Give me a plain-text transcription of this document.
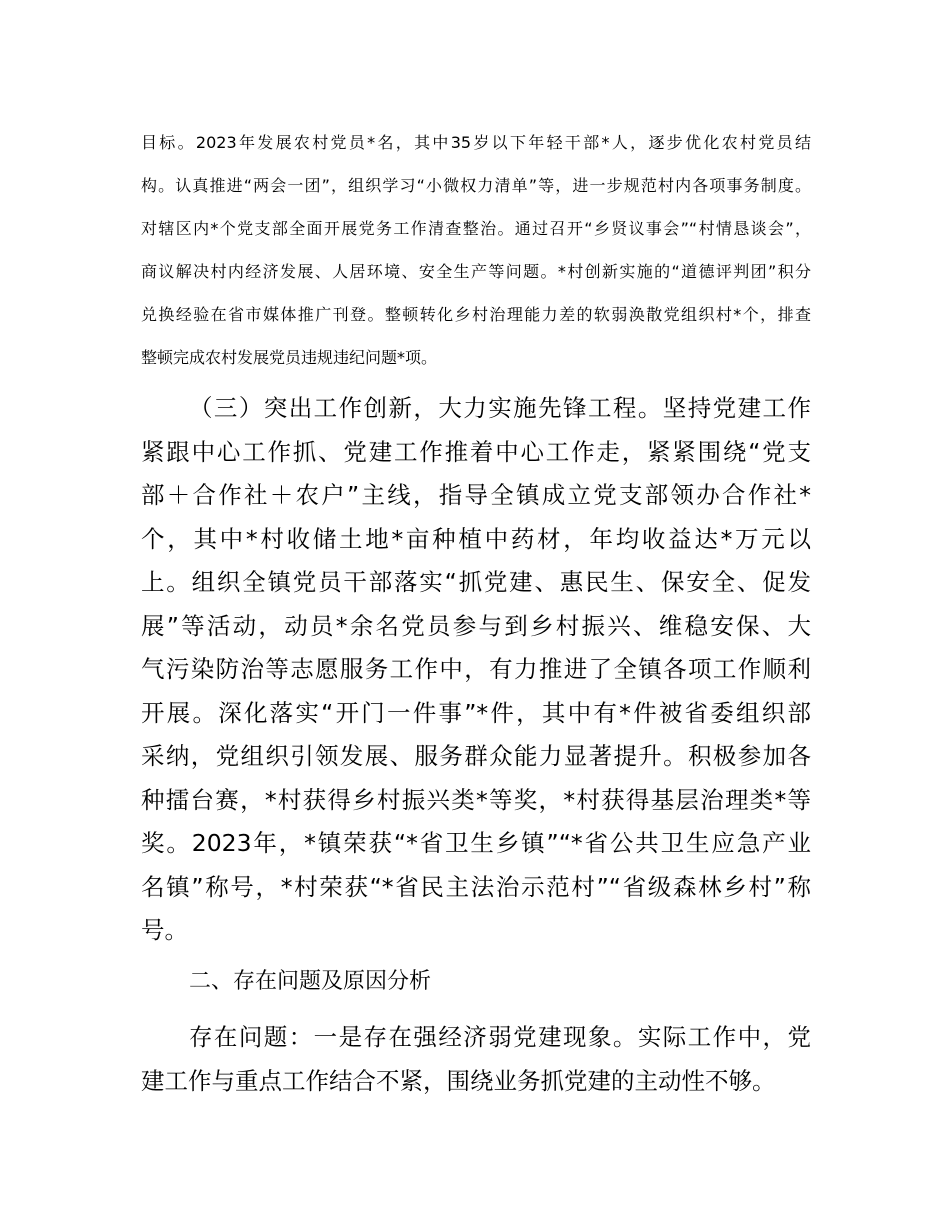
目标。2023年发展农村党员*名，其中35岁以下年轻干部*人，逐步优化农村党员结
构。认真推进“两会一团”，组织学习“小微权力清单”等，进一步规范村内各项事务制度。
对辖区内*个党支部全面开展党务工作清查整治。通过召开“乡贤议事会”“村情恳谈会”，
商议解决村内经济发展、人居环境、安全生产等问题。*村创新实施的“道德评判团”积分
兑换经验在省市媒体推广刊登。整顿转化乡村治理能力差的软弱涣散党组织村*个，排查
整顿完成农村发展党员违规违纪问题*项。
（三）突出工作创新，大力实施先锋工程。坚持党建工作
紧跟中心工作抓、党建工作推着中心工作走，紧紧围绕“党支
部＋合作社＋农户”主线，指导全镇成立党支部领办合作社*
个，其中*村收储土地*亩种植中药材，年均收益达*万元以
上。组织全镇党员干部落实“抓党建、惠民生、保安全、促发
展”等活动，动员*余名党员参与到乡村振兴、维稳安保、大
气污染防治等志愿服务工作中，有力推进了全镇各项工作顺利
开展。深化落实“开门一件事”*件，其中有*件被省委组织部
采纳，党组织引领发展、服务群众能力显著提升。积极参加各
种擂台赛，*村获得乡村振兴类*等奖，*村获得基层治理类*等
奖。2023年，*镇荣获“*省卫生乡镇”“*省公共卫生应急产业
名镇”称号，*村荣获“*省民主法治示范村”“省级森林乡村”称
号。
二、存在问题及原因分析
存在问题：一是存在强经济弱党建现象。实际工作中，党
建工作与重点工作结合不紧，围绕业务抓党建的主动性不够。
